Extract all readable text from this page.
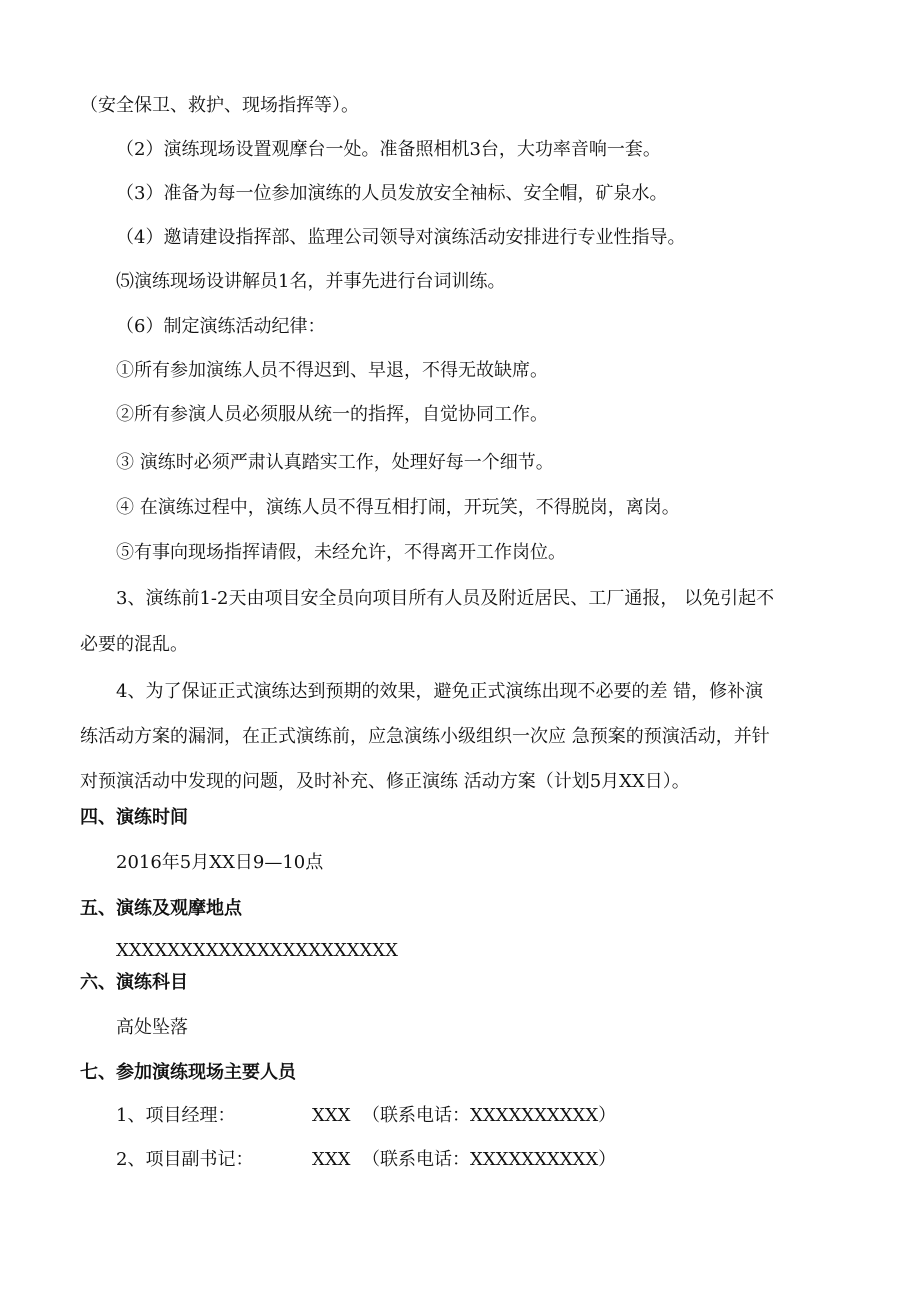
（安全保卫、救护、现场指挥等）。
（2）演练现场设置观摩台一处。准备照相机3台，大功率音响一套。
（3）准备为每一位参加演练的人员发放安全袖标、安全帽，矿泉水。
（4）邀请建设指挥部、监理公司领导对演练活动安排进行专业性指导。
⑸演练现场设讲解员1名，并事先进行台词训练。
（6）制定演练活动纪律：
①所有参加演练人员不得迟到、早退，不得无故缺席。
②所有参演人员必须服从统一的指挥，自觉协同工作。
③ 演练时必须严肃认真踏实工作，处理好每一个细节。
④ 在演练过程中，演练人员不得互相打闹，开玩笑，不得脱岗，离岗。
⑤有事向现场指挥请假，未经允许，不得离开工作岗位。
3、演练前1-2天由项目安全员向项目所有人员及附近居民、工厂通报， 以免引起不
必要的混乱。
4、为了保证正式演练达到预期的效果，避免正式演练出现不必要的差 错，修补演
练活动方案的漏洞，在正式演练前，应急演练小级组织一次应 急预案的预演活动，并针
对预演活动中发现的问题，及时补充、修正演练 活动方案（计划5月XX日）。
四、演练时间
2016年5月XX日9—10点
五、演练及观摩地点
XXXXXXXXXXXXXXXXXXXXXX
六、演练科目
高处坠落
七、参加演练现场主要人员
1、项目经理：	XXX （联系电话：XXXXXXXXXX）
2、项目副书记：	XXX （联系电话：XXXXXXXXXX）
